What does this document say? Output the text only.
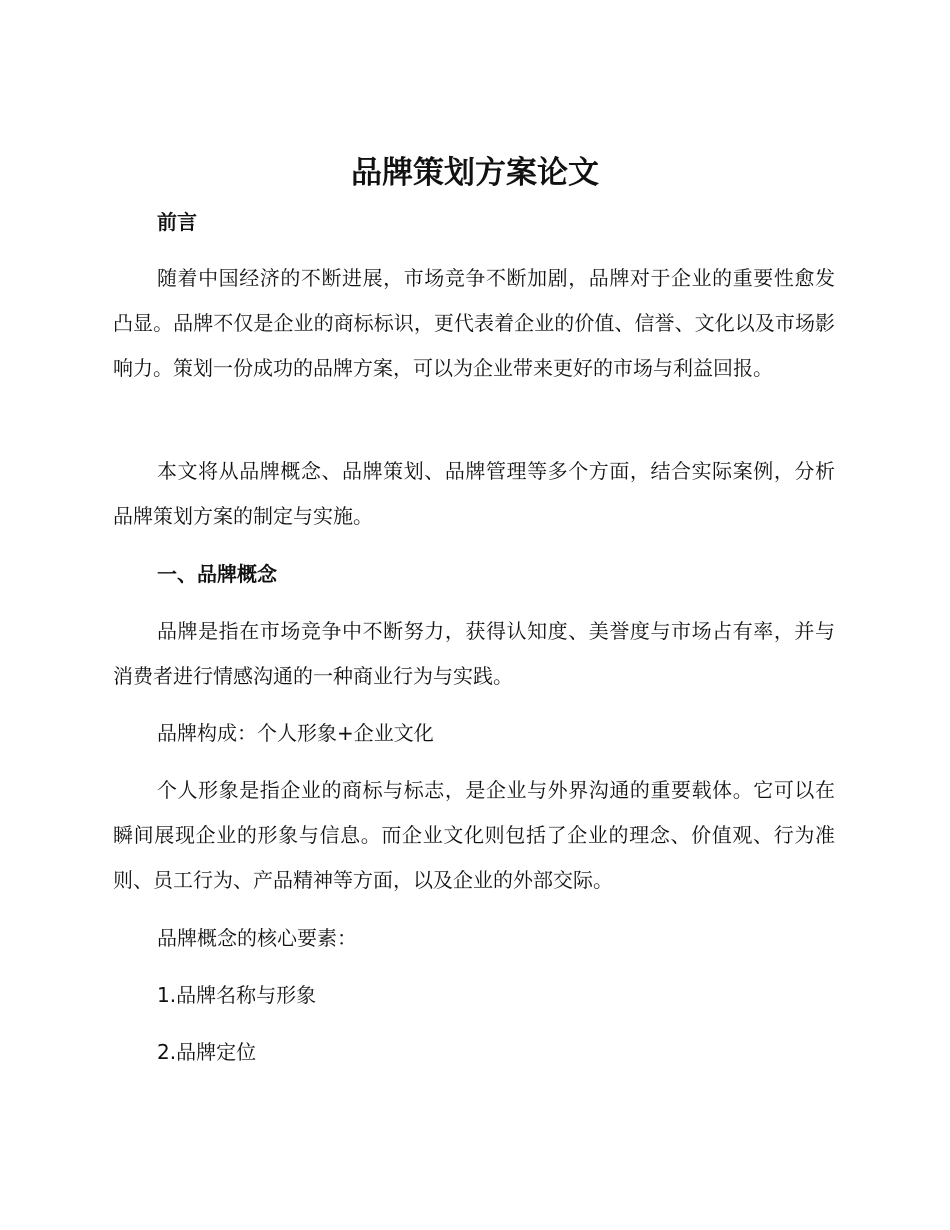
品牌策划方案论文
前言
随着中国经济的不断进展，市场竞争不断加剧，品牌对于企业的重要性愈发凸显。品牌不仅是企业的商标标识，更代表着企业的价值、信誉、文化以及市场影响力。策划一份成功的品牌方案，可以为企业带来更好的市场与利益回报。
本文将从品牌概念、品牌策划、品牌管理等多个方面，结合实际案例，分析品牌策划方案的制定与实施。
一、品牌概念
品牌是指在市场竞争中不断努力，获得认知度、美誉度与市场占有率，并与消费者进行情感沟通的一种商业行为与实践。
品牌构成：个人形象+企业文化
个人形象是指企业的商标与标志，是企业与外界沟通的重要载体。它可以在瞬间展现企业的形象与信息。而企业文化则包括了企业的理念、价值观、行为准则、员工行为、产品精神等方面，以及企业的外部交际。
品牌概念的核心要素：
1.品牌名称与形象
2.品牌定位
